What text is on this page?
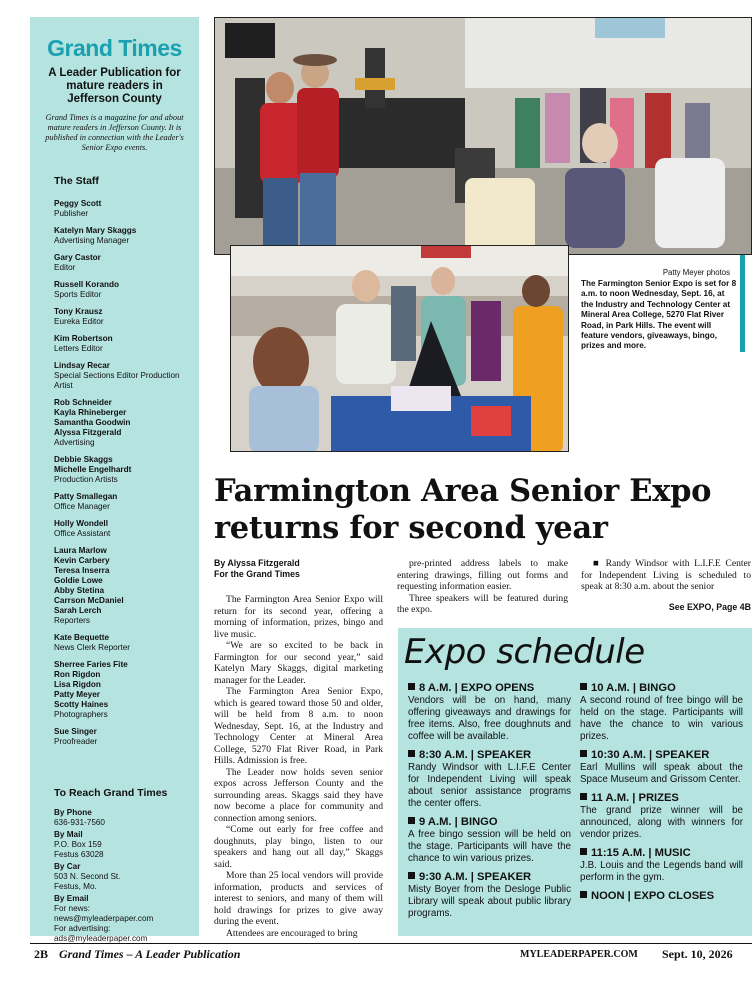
Grand Times
A Leader Publication for mature readers in Jefferson County
Grand Times is a magazine for and about mature readers in Jefferson County. It is published in connection with the Leader's Senior Expo events.
The Staff
Peggy Scott
Publisher
Katelyn Mary Skaggs
Advertising Manager
Gary Castor
Editor
Russell Korando
Sports Editor
Tony Krausz
Eureka Editor
Kim Robertson
Letters Editor
Lindsay Recar
Special Sections Editor Production Artist
Rob Schneider
Kayla Rhineberger
Samantha Goodwin
Alyssa Fitzgerald
Advertising
Debbie Skaggs
Michelle Engelhardt
Production Artists
Patty Smallegan
Office Manager
Holly Wondell
Office Assistant
Laura Marlow
Kevin Carbery
Teresa Inserra
Goldie Lowe
Abby Stetina
Carrson McDaniel
Sarah Lerch
Reporters
Kate Bequette
News Clerk Reporter
Sherree Faries Fite
Ron Rigdon
Lisa Rigdon
Patty Meyer
Scotty Haines
Photographers
Sue Singer
Proofreader
To Reach Grand Times
By Phone
636-931-7560
By Mail
P.O. Box 159
Festus 63028
By Car
503 N. Second St.
Festus, Mo.
By Email
For news:
news@myleaderpaper.com
For advertising:
ads@myleaderpaper.com
Patty Meyer photos
The Farmington Senior Expo is set for 8 a.m. to noon Wednesday, Sept. 16, at the Industry and Technology Center at Mineral Area College, 5270 Flat River Road, in Park Hills. The event will feature vendors, giveaways, bingo, prizes and more.
Farmington Area Senior Expo returns for second year
By Alyssa Fitzgerald
For the Grand Times

The Farmington Area Senior Expo will return for its second year, offering a morning of information, prizes, bingo and live music.

“We are so excited to be back in Farmington for our second year,” said Katelyn Mary Skaggs, digital marketing manager for the Leader.

The Farmington Area Senior Expo, which is geared toward those 50 and older, will be held from 8 a.m. to noon Wednesday, Sept. 16, at the Industry and Technology Center at Mineral Area College, 5270 Flat River Road, in Park Hills. Admission is free.

The Leader now holds seven senior expos across Jefferson County and the surrounding areas. Skaggs said they have now become a place for community and connection among seniors.

“Come out early for free coffee and doughnuts, play bingo, listen to our speakers and hang out all day,” Skaggs said.

More than 25 local vendors will provide information, products and services of interest to seniors, and many of them will hold drawings for prizes to give away during the event.

Attendees are encouraged to bring

pre-printed address labels to make entering drawings, filling out forms and requesting information easier.

Three speakers will be featured during the expo.

■ Randy Windsor with L.I.F.E Center for Independent Living is scheduled to speak at 8:30 a.m. about the senior

See EXPO, Page 4B
Expo schedule
8 A.M. | EXPO OPENS
Vendors will be on hand, many offering giveaways and drawings for free items. Also, free doughnuts and coffee will be available.
8:30 A.M. | SPEAKER
Randy Windsor with L.I.F.E Center for Independent Living will speak about senior assistance programs the center offers.
9 A.M. | BINGO
A free bingo session will be held on the stage. Participants will have the chance to win various prizes.
9:30 A.M. | SPEAKER
Misty Boyer from the Desloge Public Library will speak about public library programs.
10 A.M. | BINGO
A second round of free bingo will be held on the stage. Participants will have the chance to win various prizes.
10:30 A.M. | SPEAKER
Earl Mullins will speak about the Space Museum and Grissom Center.
11 A.M. | PRIZES
The grand prize winner will be announced, along with winners for vendor prizes.
11:15 A.M. | MUSIC
J.B. Louis and the Legends band will perform in the gym.
NOON | EXPO CLOSES
2B Grand Times – A Leader Publication	MYLEADERPAPER.COM Sept. 10, 2026
